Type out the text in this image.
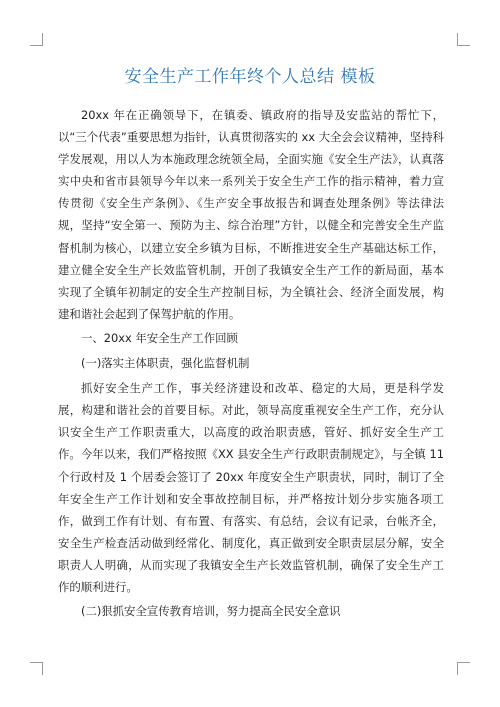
安全生产工作年终个人总结 模板

20xx 年在正确领导下，在镇委、镇政府的指导及安监站的帮忙下，以“三个代表”重要思想为指针，认真贯彻落实的 xx 大全会会议精神，坚持科学发展观，用以人为本施政理念统领全局，全面实施《安全生产法》，认真落实中央和省市县领导今年以来一系列关于安全生产工作的指示精神，着力宣传贯彻《安全生产条例》、《生产安全事故报告和调查处理条例》等法律法规，坚持“安全第一、预防为主、综合治理”方针，以健全和完善安全生产监督机制为核心，以建立安全乡镇为目标，不断推进安全生产基础达标工作，建立健全安全生产长效监管机制，开创了我镇安全生产工作的新局面，基本实现了全镇年初制定的安全生产控制目标，为全镇社会、经济全面发展，构建和谐社会起到了保驾护航的作用。

一、20xx 年安全生产工作回顾

(一)落实主体职责，强化监督机制

抓好安全生产工作，事关经济建设和改革、稳定的大局，更是科学发展，构建和谐社会的首要目标。对此，领导高度重视安全生产工作，充分认识安全生产工作职责重大，以高度的政治职责感，管好、抓好安全生产工作。今年以来，我们严格按照《XX 县安全生产行政职责制规定》，与全镇 11 个行政村及 1 个居委会签订了 20xx 年度安全生产职责状，同时，制订了全年安全生产工作计划和安全事故控制目标，并严格按计划分步实施各项工作，做到工作有计划、有布置、有落实、有总结，会议有记录，台帐齐全，安全生产检查活动做到经常化、制度化，真正做到安全职责层层分解，安全职责人人明确，从而实现了我镇安全生产长效监管机制，确保了安全生产工作的顺利进行。

(二)狠抓安全宣传教育培训，努力提高全民安全意识
